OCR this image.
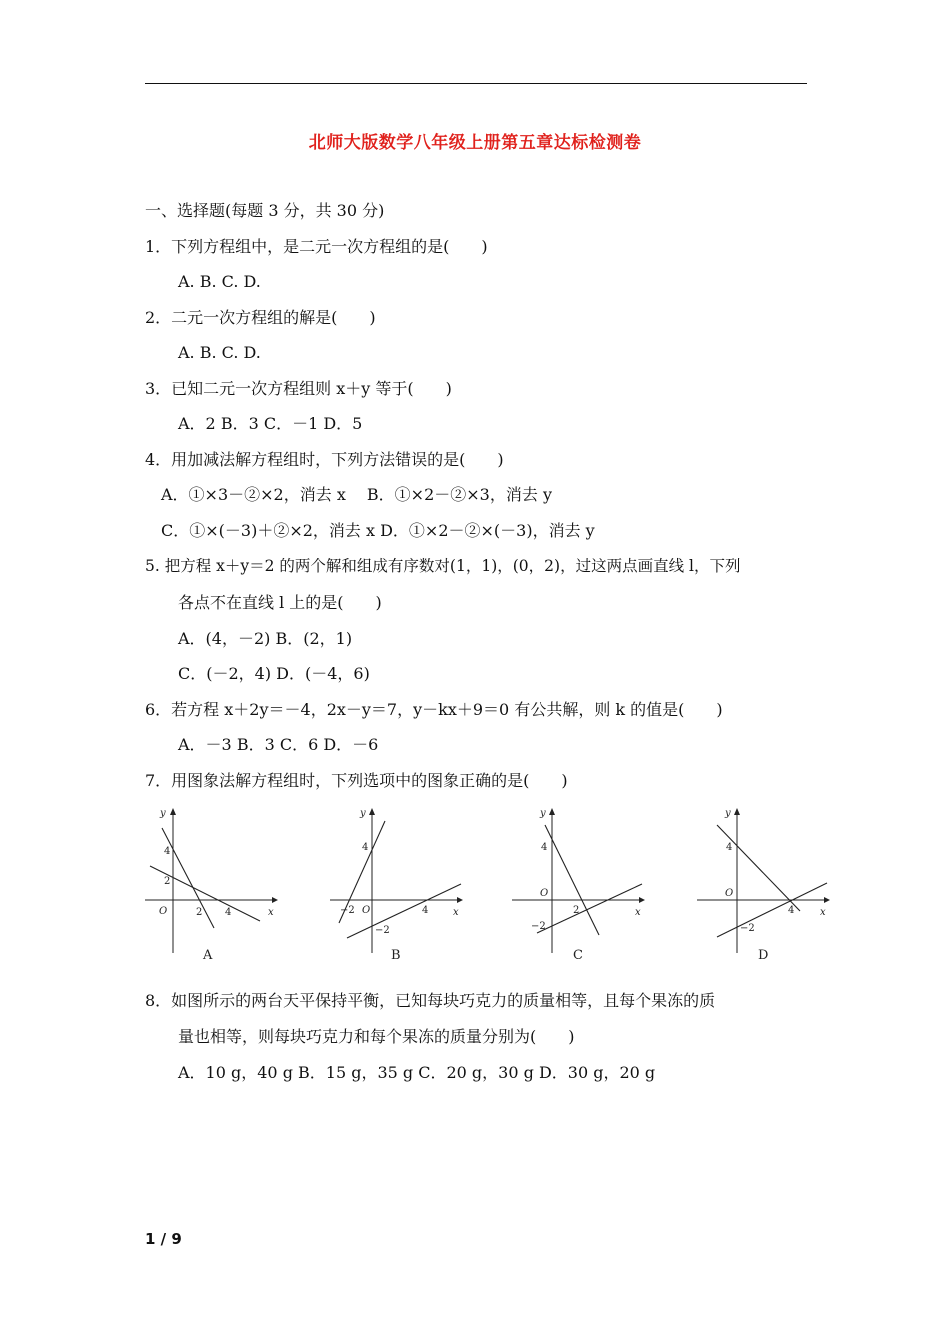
北师大版数学八年级上册第五章达标检测卷
一、选择题(每题 3 分，共 30 分)
1．下列方程组中，是二元一次方程组的是(　　)
A. B. C. D.
2．二元一次方程组的解是(　　)
A. B. C. D.
3．已知二元一次方程组则 x＋y 等于(　　)
A．2 B．3 C．－1 D．5
4．用加减法解方程组时，下列方法错误的是(　　)
A．①×3－②×2，消去 x　 B．①×2－②×3，消去 y
C．①×(－3)＋②×2，消去 x D．①×2－②×(－3)，消去 y
5. 把方程 x＋y＝2 的两个解和组成有序数对(1，1)，(0，2)，过这两点画直线 l，下列
各点不在直线 l 上的是(　　)
A．(4，－2) B．(2，1)
C．(－2，4) D．(－4，6)
6．若方程 x＋2y＝－4，2x－y＝7，y－kx＋9＝0 有公共解，则 k 的值是(　　)
A．－3 B．3 C．6 D．－6
7．用图象法解方程组时，下列选项中的图象正确的是(　　)
x
y
O
4
2
2 4
A
x
y
O
4
−2	4
−2
B
x
y
O
4
2
−2
C
x
y
O
4
4
−2
D
8．如图所示的两台天平保持平衡，已知每块巧克力的质量相等，且每个果冻的质
量也相等，则每块巧克力和每个果冻的质量分别为(　　)
A．10 g，40 g B．15 g，35 g C．20 g，30 g D．30 g，20 g
1 / 9
